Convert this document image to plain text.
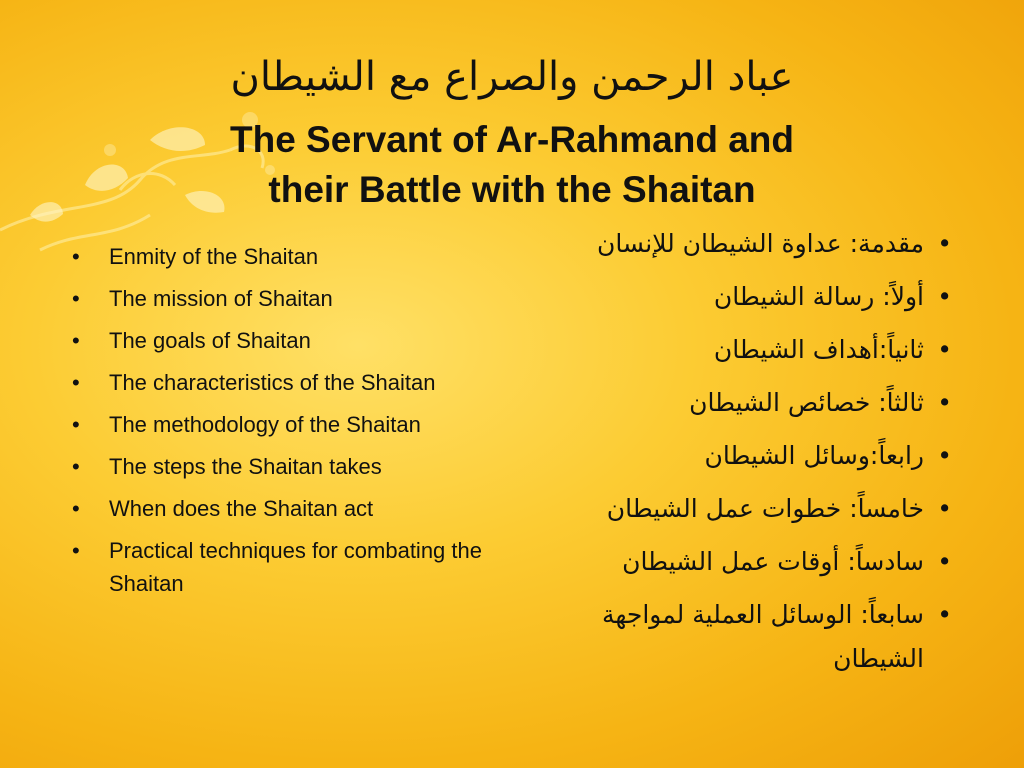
عباد الرحمن والصراع مع الشيطان
The Servant of Ar-Rahmand and
their Battle with the Shaitan
• Enmity of the Shaitan
• The mission of Shaitan
• The goals of Shaitan
• The characteristics of the Shaitan
• The methodology of the Shaitan
• The steps the Shaitan takes
• When does the Shaitan act
• Practical techniques for combating the Shaitan
• مقدمة: عداوة الشيطان للإنسان
• أولاً: رسالة الشيطان
• ثانياً:أهداف الشيطان
• ثالثاً: خصائص الشيطان
• رابعاً:وسائل الشيطان
• خامساً: خطوات عمل الشيطان
• سادساً: أوقات عمل الشيطان
• سابعاً: الوسائل العملية لمواجهة الشيطان
